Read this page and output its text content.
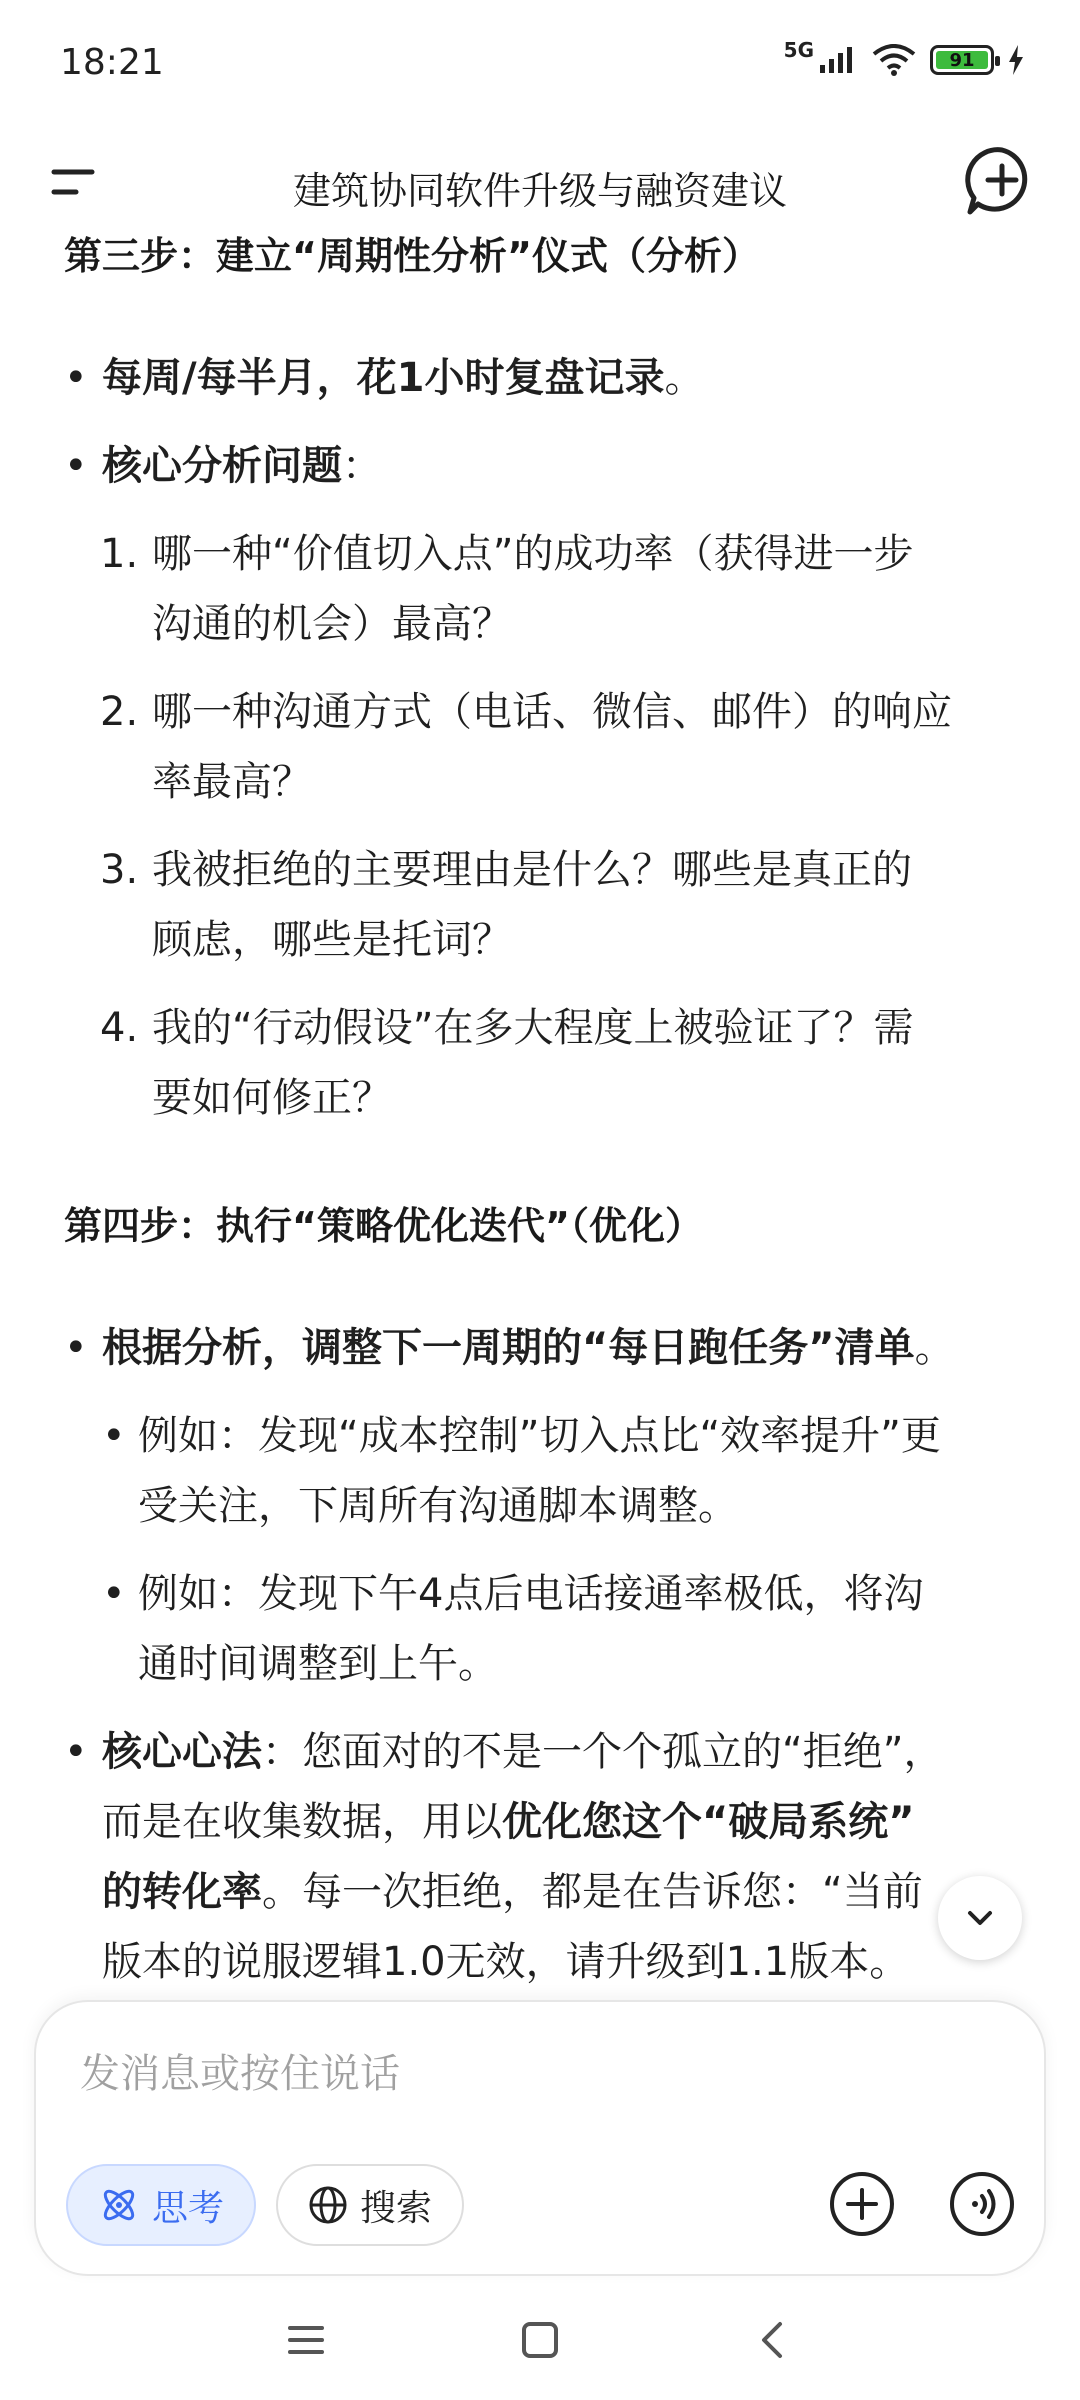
18:21	5G	91
建筑协同软件升级与融资建议
第三步：建立“周期性分析”仪式（分析）
• 每周/每半月，花1小时复盘记录。
• 核心分析问题：
1. 哪一种“价值切入点”的成功率（获得进一步
沟通的机会）最高？
2. 哪一种沟通方式（电话、微信、邮件）的响应
率最高？
3. 我被拒绝的主要理由是什么？哪些是真正的
顾虑，哪些是托词？
4. 我的“行动假设”在多大程度上被验证了？需
要如何修正？
第四步：执行“策略优化迭代”（优化）
• 根据分析，调整下一周期的“每日跑任务”清单。
• 例如：发现“成本控制”切入点比“效率提升”更
受关注，下周所有沟通脚本调整。
• 例如：发现下午4点后电话接通率极低，将沟
通时间调整到上午。
• 核心心法：您面对的不是一个个孤立的“拒绝”，
而是在收集数据，用以优化您这个“破局系统”
的转化率。每一次拒绝，都是在告诉您：“当前
版本的说服逻辑1.0无效，请升级到1.1版本。
发消息或按住说话
思考	搜索
